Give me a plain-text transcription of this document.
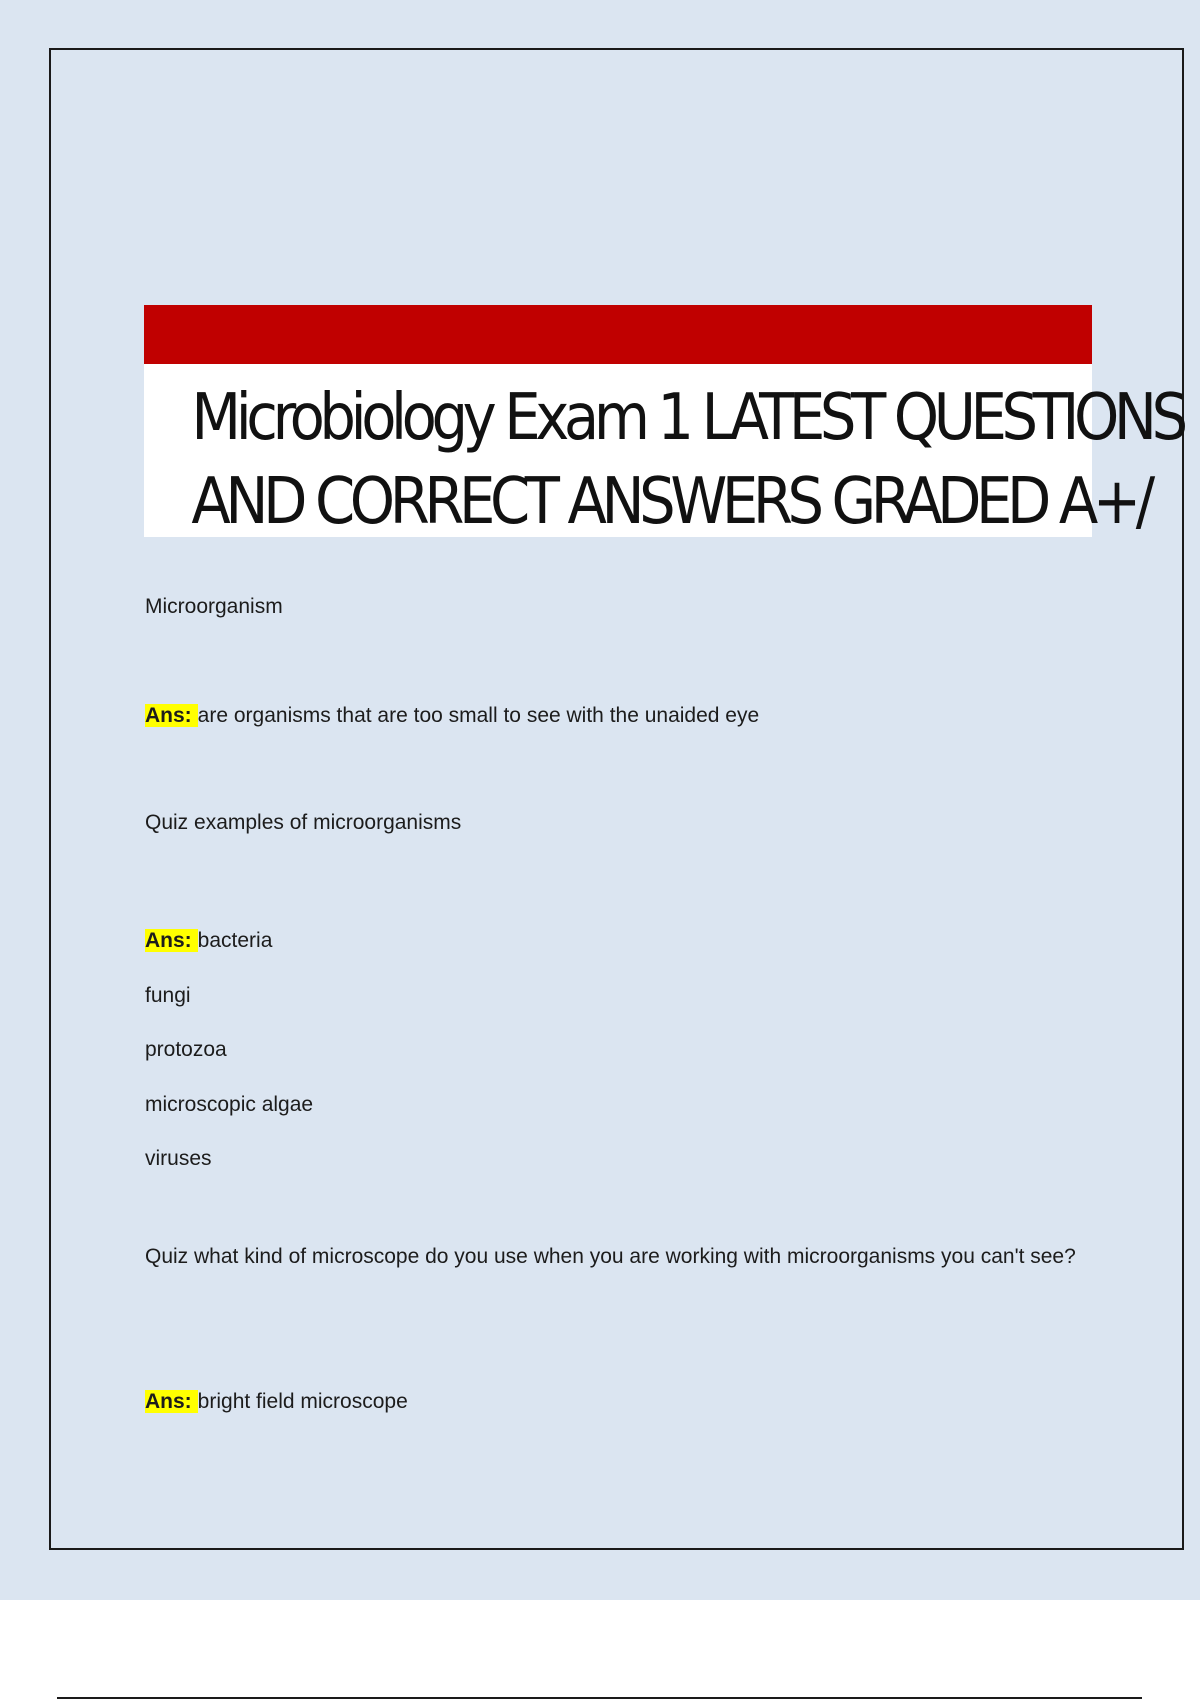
Microbiology Exam 1 LATEST QUESTIONS
AND CORRECT ANSWERS GRADED A+/
Microorganism
Ans: are organisms that are too small to see with the unaided eye
Quiz examples of microorganisms
Ans: bacteria
fungi
protozoa
microscopic algae
viruses
Quiz what kind of microscope do you use when you are working with microorganisms you can't see?
Ans: bright field microscope
